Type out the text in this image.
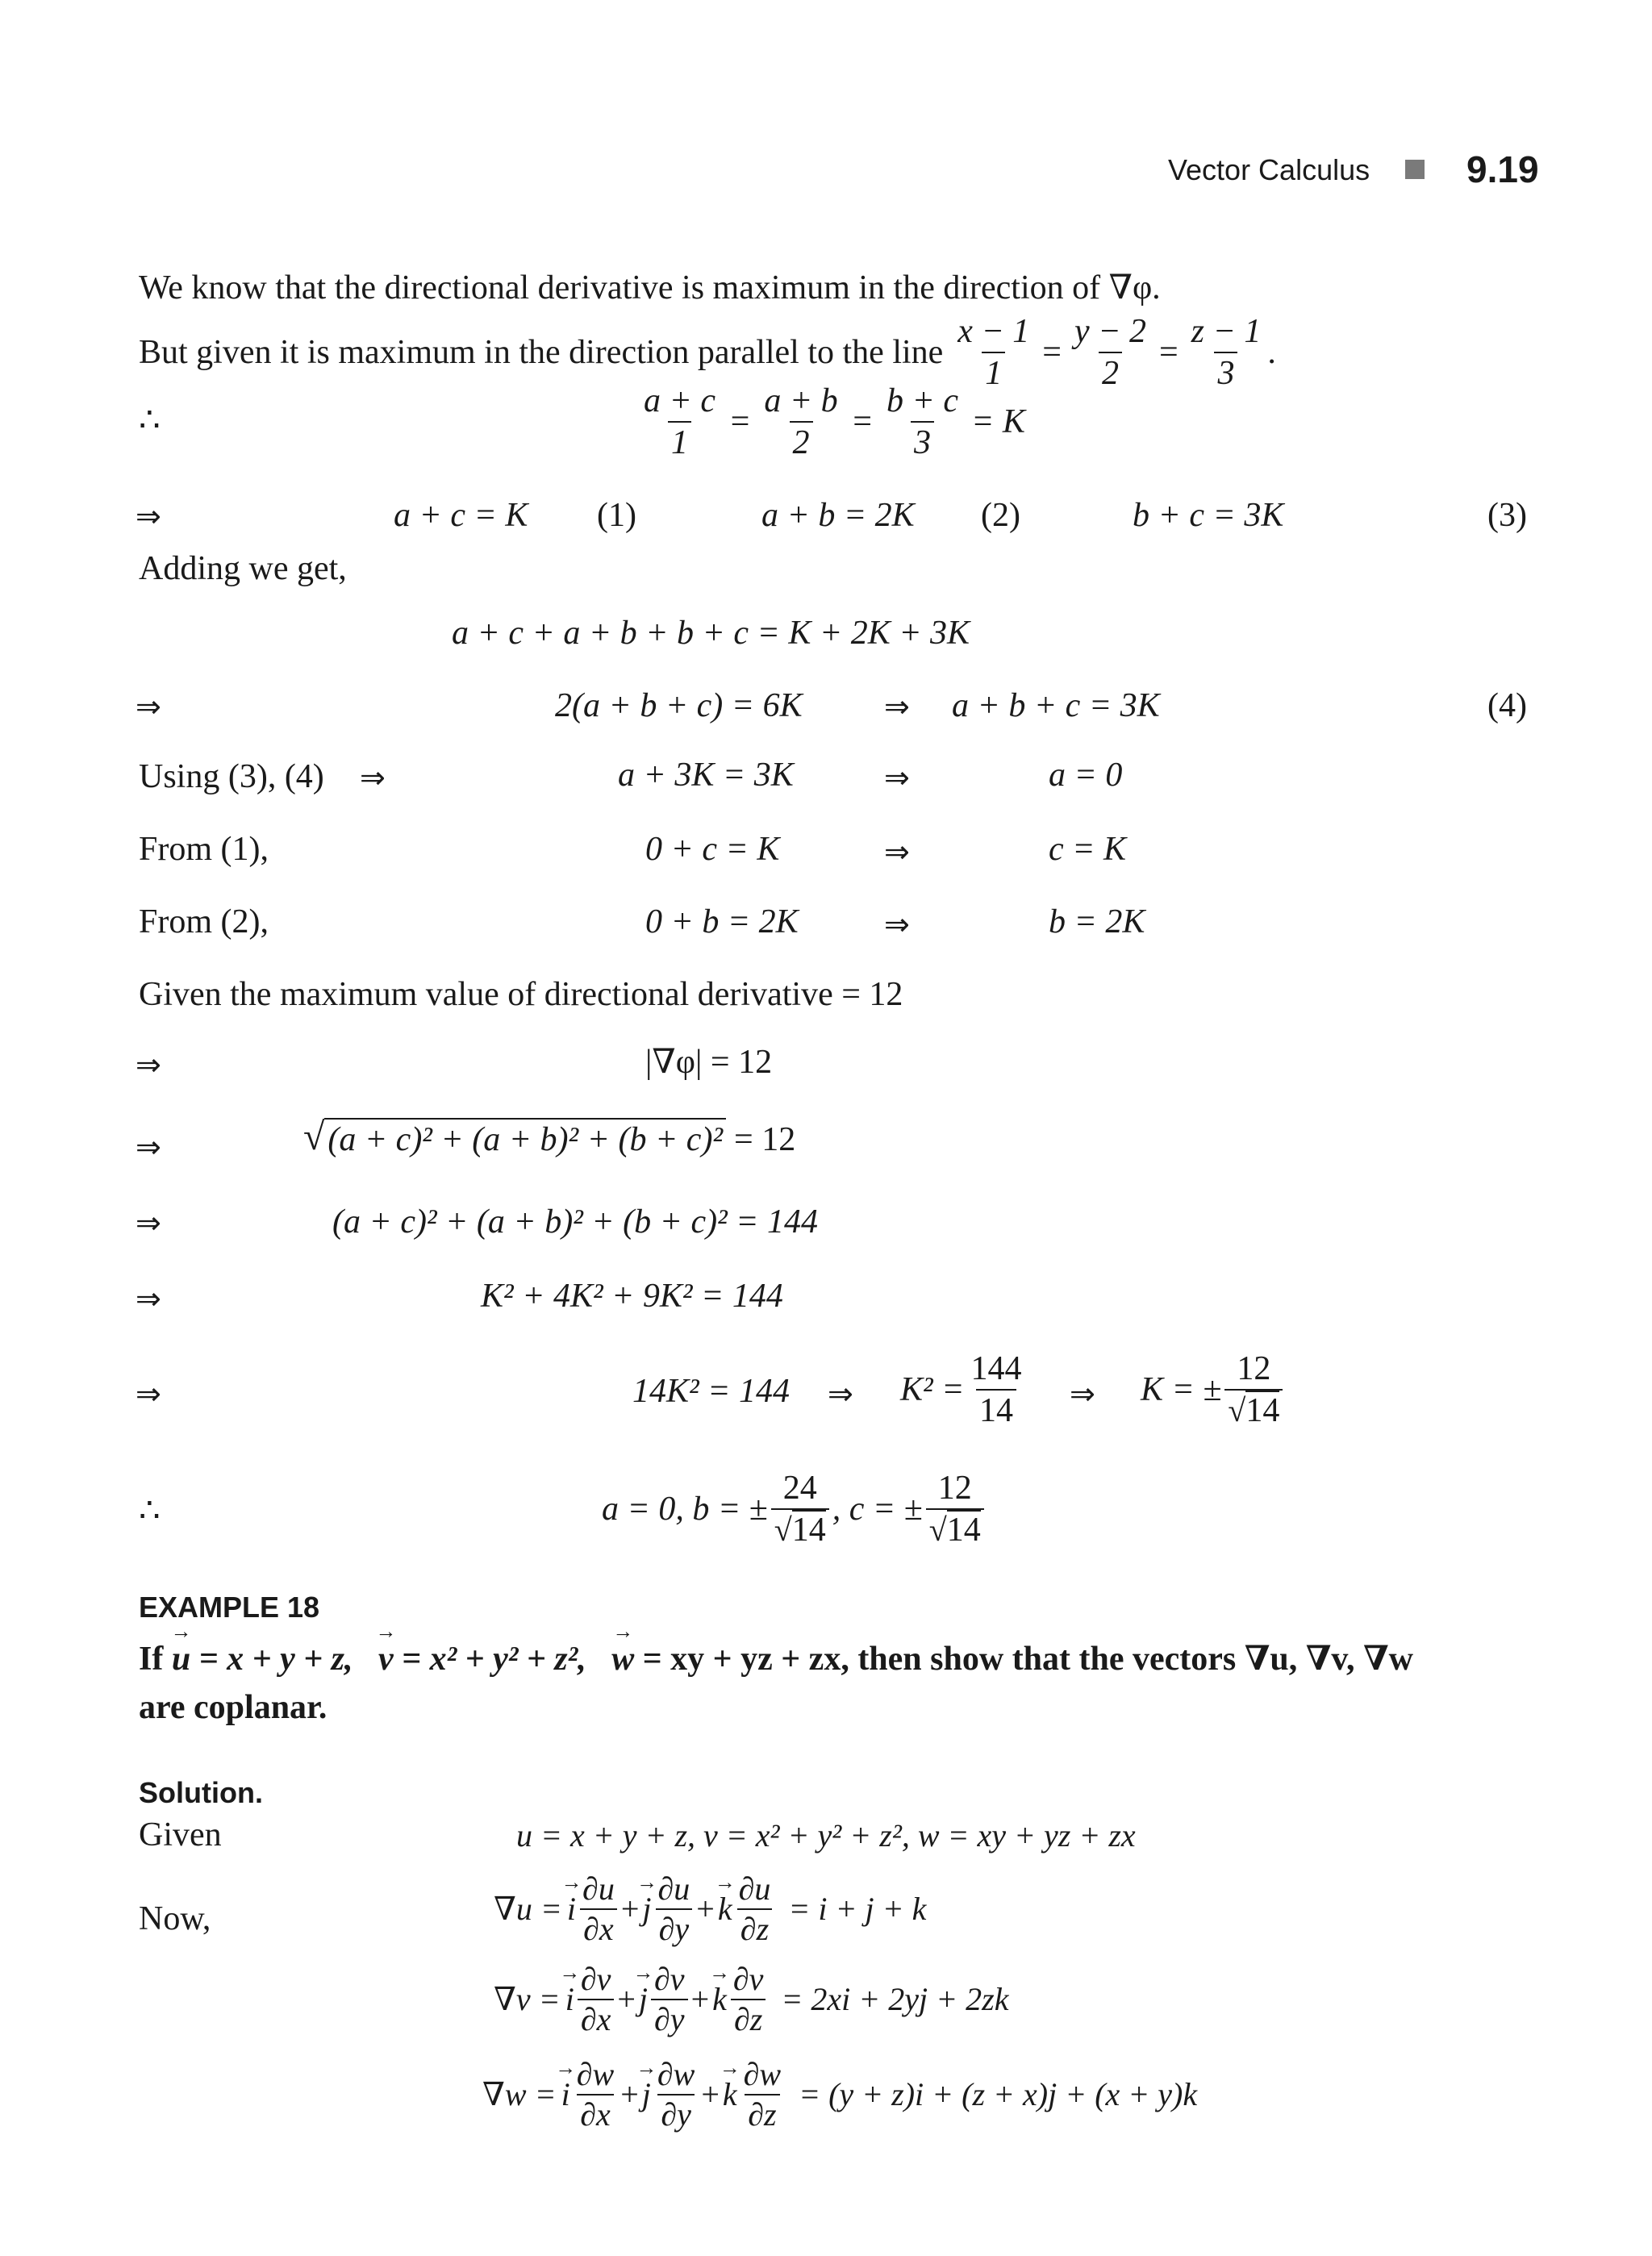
Vector Calculus	9.19
We know that the directional derivative is maximum in the direction of ∇φ.
But given it is maximum in the direction parallel to the line $\frac{x - 1}{1} = \frac{y - 2}{2} = \frac{z - 1}{3}$ .
∴	$\frac{a + c}{1} = \frac{a + b}{2} = \frac{b + c}{3} = K$
⇒	a + c = K (1)	a + b = 2K (2)	b + c = 3K	(3)
Adding we get,
a + c + a + b + b + c = K + 2K + 3K
⇒	2(a + b + c) = 6K	⇒ a + b + c = 3K	(4)
Using (3), (4) ⇒	a + 3K = 3K	⇒	a = 0
From (1),	0 + c = K	⇒	c = K
From (2),	0 + b = 2K	⇒	b = 2K
Given the maximum value of directional derivative = 12
⇒	|∇φ| = 12
⇒	√ (a + c)² + (a + b)² + (b + c)² = 12
⇒	(a + c)² + (a + b)² + (b + c)² = 144
⇒	K² + 4K² + 9K² = 144
⇒	14K² = 144 ⇒ $K^2 = \frac{144}{14}$ ⇒ K = ± $\frac{12}{√14}$
∴	a = 0, b = ± $\frac{24}{√14}$ , c = ± $\frac{12}{√14}$
EXAMPLE 18
If u → = x + y + z, v → = x² + y² + z², w → = xy + yz + zx, then show that the vectors ∇u, ∇v, ∇w
are coplanar.
Solution.
Given	u = x + y + z, v = x² + y² + z², w = xy + yz + zx
Now,	$\nabla u = i \to \frac{\partial u}{\partial x} + j \to \frac{\partial u}{\partial y} + k \to \frac{\partial u}{\partial z} = i + j + k$
$\nabla v = i \to \frac{\partial v}{\partial x} + j \to \frac{\partial v}{\partial y} + k \to \frac{\partial v}{\partial z} = 2xi + 2yj + 2zk$
$\nabla w = i \to \frac{\partial w}{\partial x} + j \to \frac{\partial w}{\partial y} + k \to \frac{\partial w}{\partial z} = (y + z)i + (z + x)j + (x + y)k$
